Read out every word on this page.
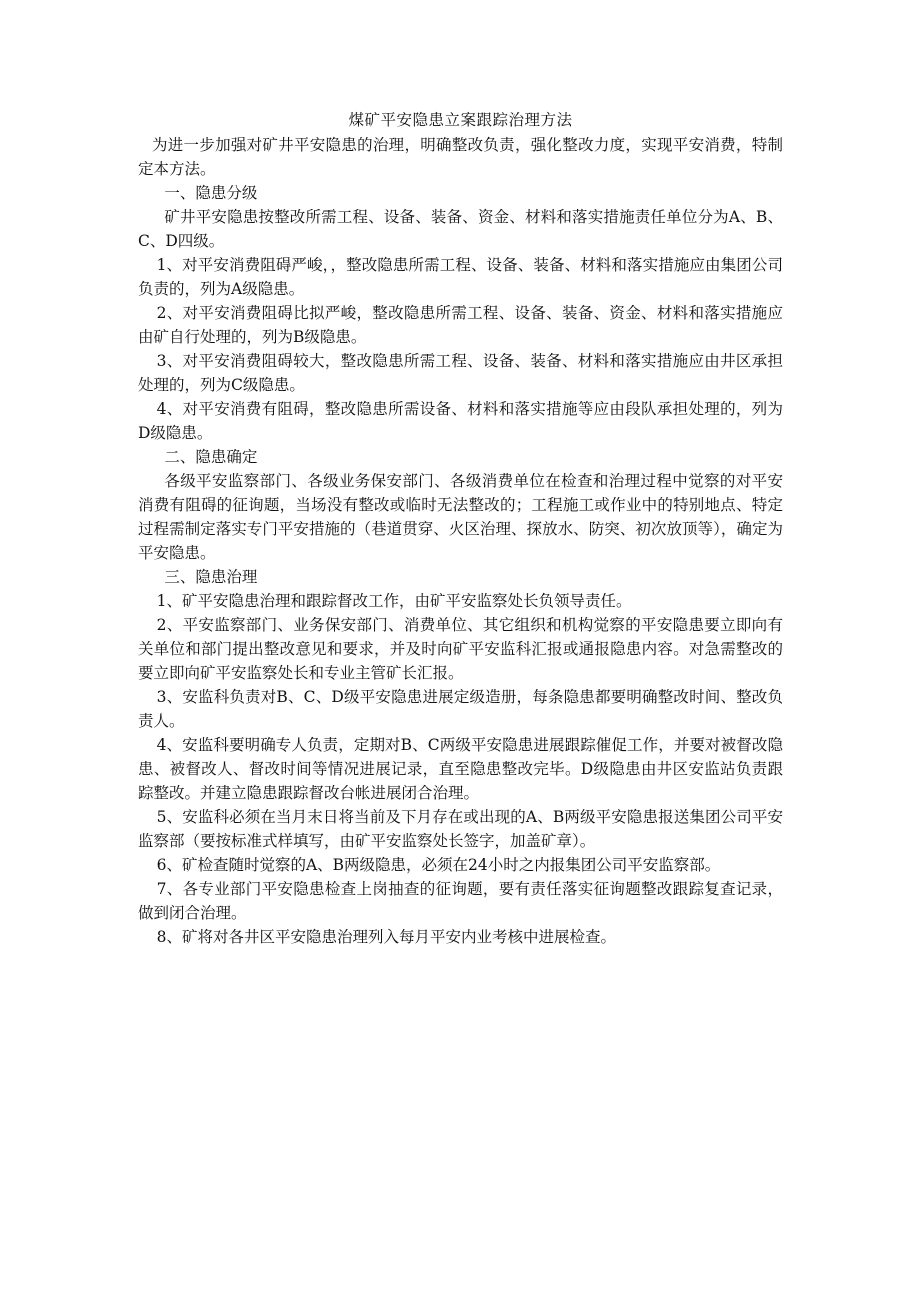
煤矿平安隐患立案跟踪治理方法

为进一步加强对矿井平安隐患的治理，明确整改负责，强化整改力度，实现平安消费，特制定本方法。

一、隐患分级

矿井平安隐患按整改所需工程、设备、装备、资金、材料和落实措施责任单位分为A、B、C、D四级。

1、对平安消费阻碍严峻，，整改隐患所需工程、设备、装备、材料和落实措施应由集团公司负责的，列为A级隐患。

2、对平安消费阻碍比拟严峻，整改隐患所需工程、设备、装备、资金、材料和落实措施应由矿自行处理的，列为B级隐患。

3、对平安消费阻碍较大，整改隐患所需工程、设备、装备、材料和落实措施应由井区承担处理的，列为C级隐患。

4、对平安消费有阻碍，整改隐患所需设备、材料和落实措施等应由段队承担处理的，列为D级隐患。

二、隐患确定

各级平安监察部门、各级业务保安部门、各级消费单位在检查和治理过程中觉察的对平安消费有阻碍的征询题，当场没有整改或临时无法整改的；工程施工或作业中的特别地点、特定过程需制定落实专门平安措施的（巷道贯穿、火区治理、探放水、防突、初次放顶等），确定为平安隐患。

三、隐患治理

1、矿平安隐患治理和跟踪督改工作，由矿平安监察处长负领导责任。

2、平安监察部门、业务保安部门、消费单位、其它组织和机构觉察的平安隐患要立即向有关单位和部门提出整改意见和要求，并及时向矿平安监科汇报或通报隐患内容。对急需整改的要立即向矿平安监察处长和专业主管矿长汇报。

3、安监科负责对B、C、D级平安隐患进展定级造册，每条隐患都要明确整改时间、整改负责人。

4、安监科要明确专人负责，定期对B、C两级平安隐患进展跟踪催促工作，并要对被督改隐患、被督改人、督改时间等情况进展记录，直至隐患整改完毕。D级隐患由井区安监站负责跟踪整改。并建立隐患跟踪督改台帐进展闭合治理。

5、安监科必须在当月末日将当前及下月存在或出现的A、B两级平安隐患报送集团公司平安监察部（要按标准式样填写，由矿平安监察处长签字，加盖矿章）。

6、矿检查随时觉察的A、B两级隐患，必须在24小时之内报集团公司平安监察部。

7、各专业部门平安隐患检查上岗抽查的征询题，要有责任落实征询题整改跟踪复查记录，做到闭合治理。

8、矿将对各井区平安隐患治理列入每月平安内业考核中进展检查。
